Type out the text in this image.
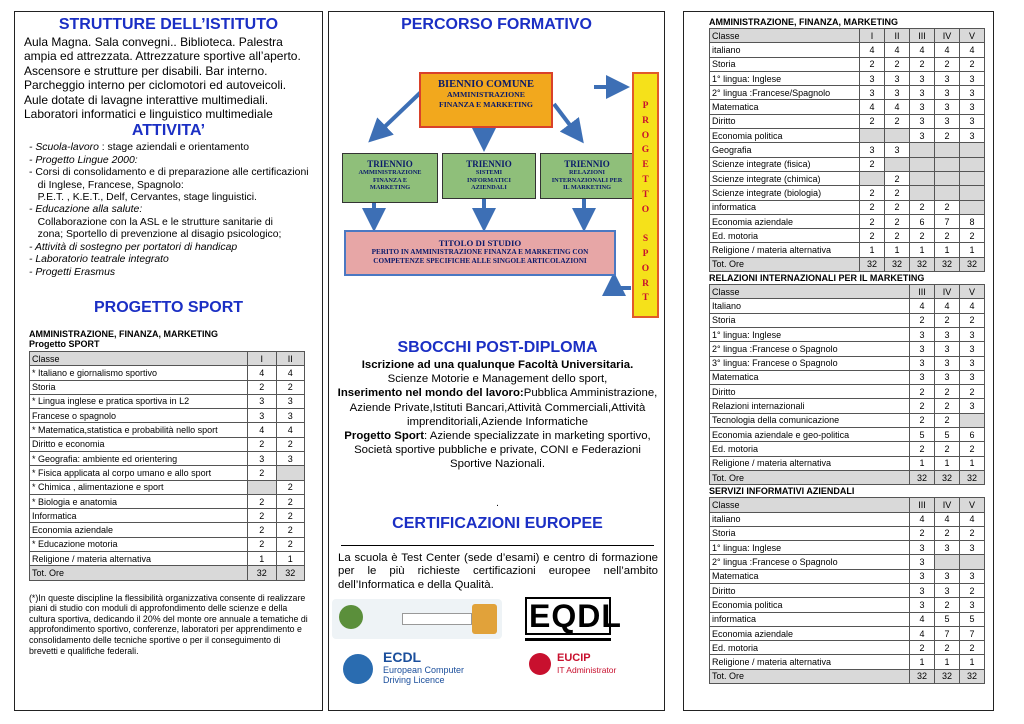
STRUTTURE DELL’ISTITUTO
Aula Magna. Sala convegni.. Biblioteca. Palestra
ampia ed attrezzata. Attrezzature sportive all’aperto.
Ascensore e strutture per disabili. Bar interno.
Parcheggio interno per ciclomotori ed autoveicoli.
Aule dotate di lavagne interattive multimediali.
Laboratori informatici e linguistico multimediale
ATTIVITA’
- Scuola-lavoro : stage aziendali e orientamento
- Progetto Lingue 2000:
- Corsi di consolidamento e di preparazione alle certificazioni
di Inglese, Francese, Spagnolo:
P.E.T. , K.E.T., Delf, Cervantes, stage linguistici.
- Educazione alla salute:
Collaborazione con la ASL e le strutture sanitarie di
zona; Sportello di prevenzione al disagio psicologico;
- Attività di sostegno per portatori di handicap
- Laboratorio teatrale integrato
- Progetti Erasmus
PROGETTO SPORT
AMMINISTRAZIONE, FINANZA, MARKETING
Progetto SPORT
Classe	I	II
* Italiano e giornalismo sportivo	4	4
Storia	2	2
* Lingua inglese e pratica sportiva in L2	3	3
Francese o spagnolo	3	3
* Matematica,statistica e probabilità nello sport	4	4
Diritto e economia	2	2
* Geografia: ambiente ed orientering	3	3
* Fisica applicata al corpo umano e allo sport	2	
* Chimica , alimentazione e sport		2
* Biologia e anatomia	2	2
Informatica	2	2
Economia aziendale	2	2
* Educazione motoria	2	2
Religione / materia alternativa	1	1
Tot. Ore	32	32
(*)In queste discipline la flessibilità organizzativa consente di realizzare piani di studio con moduli di approfondimento delle scienze e della cultura sportiva, dedicando il 20% del monte ore annuale a tematiche di approfondimento sportivo, conferenze, laboratori per apprendimento e consolidamento delle tecniche sportive o per il conseguimento di brevetti e qualifiche federali.
PERCORSO FORMATIVO
BIENNIO COMUNE
AMMINISTRAZIONE FINANZA E MARKETING
TRIENNIO
AMMINISTRAZIONE FINANZA E MARKETING
TRIENNIO
SISTEMI INFORMATICI AZIENDALI
TRIENNIO
RELAZIONI INTERNAZIONALI PER IL MARKETING
TITOLO DI STUDIO
PERITO IN AMMINISTRAZIONE FINANZA E MARKETING CON COMPETENZE SPECIFICHE ALLE SINGOLE ARTICOLAZIONI
P
R
O
G
E
T
T
O

S
P
O
R
T
SBOCCHI POST-DIPLOMA
Iscrizione ad una qualunque Facoltà Universitaria.
Scienze Motorie e Management dello sport,
Inserimento nel mondo del lavoro:Pubblica Amministrazione, Aziende Private,Istituti Bancari,Attività Commerciali,Attività imprenditoriali,Aziende Informatiche
Progetto Sport: Aziende specializzate in marketing sportivo, Società sportive pubbliche e private, CONI e Federazioni Sportive Nazionali.
.
CERTIFICAZIONI EUROPEE
La scuola è Test Center (sede d’esami) e centro di formazione per le più richieste certificazioni europee nell’ambito dell’Informatica e della Qualità.
EQDL
ECDL
European Computer
Driving Licence
EUCIP
IT Administrator
AMMINISTRAZIONE, FINANZA, MARKETING
Classe	I	II	III	IV	V
italiano	4	4	4	4	4
Storia	2	2	2	2	2
1° lingua: Inglese	3	3	3	3	3
2° lingua :Francese/Spagnolo	3	3	3	3	3
Matematica	4	4	3	3	3
Diritto	2	2	3	3	3
Economia politica			3	2	3
Geografia	3	3			
Scienze integrate (fisica)	2				
Scienze integrate (chimica)		2			
Scienze integrate (biologia)	2	2			
informatica	2	2	2	2	
Economia aziendale	2	2	6	7	8
Ed. motoria	2	2	2	2	2
Religione / materia alternativa	1	1	1	1	1
Tot. Ore	32	32	32	32	32
RELAZIONI INTERNAZIONALI PER IL MARKETING
Classe	III	IV	V
Italiano	4	4	4
Storia	2	2	2
1° lingua: Inglese	3	3	3
2° lingua :Francese o Spagnolo	3	3	3
3° lingua: Francese o Spagnolo	3	3	3
Matematica	3	3	3
Diritto	2	2	2
Relazioni internazionali	2	2	3
Tecnologia della comunicazione	2	2	
Economia aziendale e geo-politica	5	5	6
Ed. motoria	2	2	2
Religione / materia alternativa	1	1	1
Tot. Ore	32	32	32
SERVIZI INFORMATIVI AZIENDALI
Classe	III	IV	V
italiano	4	4	4
Storia	2	2	2
1° lingua: Inglese	3	3	3
2° lingua :Francese o Spagnolo	3		
Matematica	3	3	3
Diritto	3	3	2
Economia politica	3	2	3
informatica	4	5	5
Economia aziendale	4	7	7
Ed. motoria	2	2	2
Religione / materia alternativa	1	1	1
Tot. Ore	32	32	32
